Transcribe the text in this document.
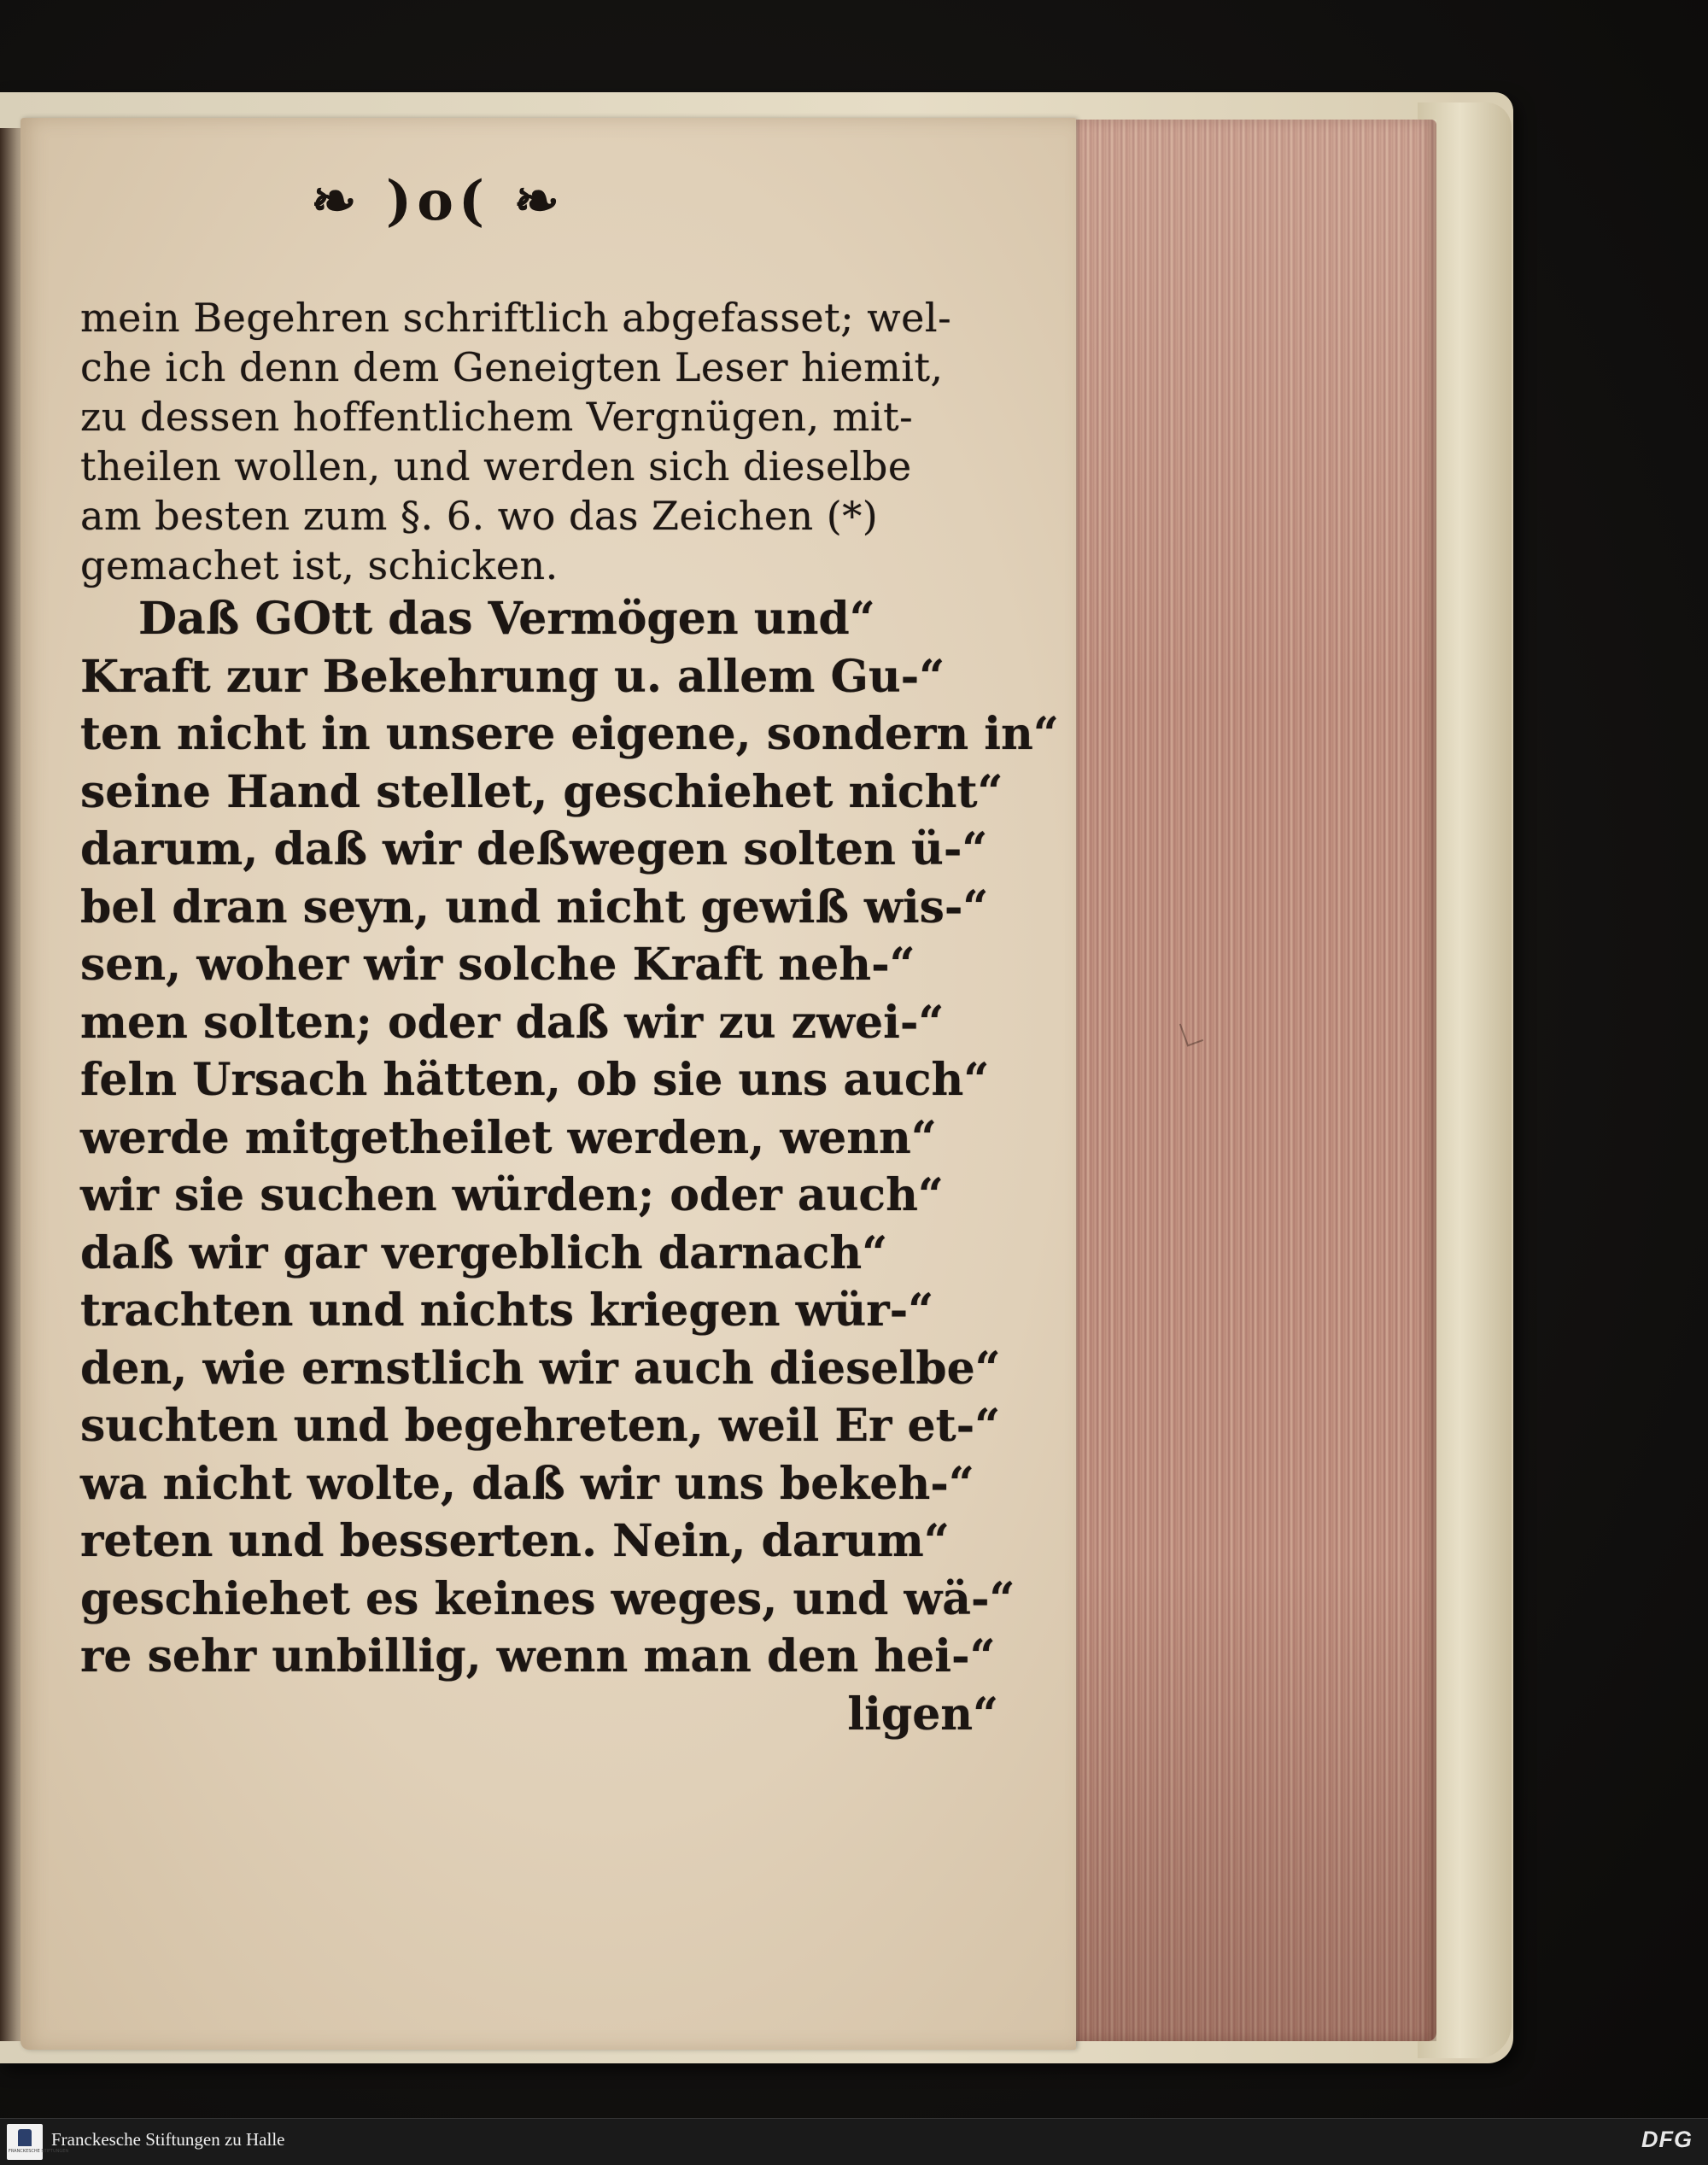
❧ )o( ❧
mein Begehren schriftlich abgefasset; wel-
che ich denn dem Geneigten Leser hiemit,
zu dessen hoffentlichem Vergnügen, mit-
theilen wollen, und werden sich dieselbe
am besten zum §. 6. wo das Zeichen (*)
gemachet ist, schicken.
Daß GOtt das Vermögen und“
Kraft zur Bekehrung u. allem Gu-“
ten nicht in unsere eigene, sondern in“
seine Hand stellet, geschiehet nicht“
darum, daß wir deßwegen solten ü-“
bel dran seyn, und nicht gewiß wis-“
sen, woher wir solche Kraft neh-“
men solten; oder daß wir zu zwei-“
feln Ursach hätten, ob sie uns auch“
werde mitgetheilet werden, wenn“
wir sie suchen würden; oder auch“
daß wir gar vergeblich darnach“
trachten und nichts kriegen wür-“
den, wie ernstlich wir auch dieselbe“
suchten und begehreten, weil Er et-“
wa nicht wolte, daß wir uns bekeh-“
reten und besserten. Nein, darum“
geschiehet es keines weges, und wä-“
re sehr unbillig, wenn man den hei-“
ligen“

FRANCKESCHE STIFTUNGEN
Franckesche Stiftungen zu Halle	DFG
